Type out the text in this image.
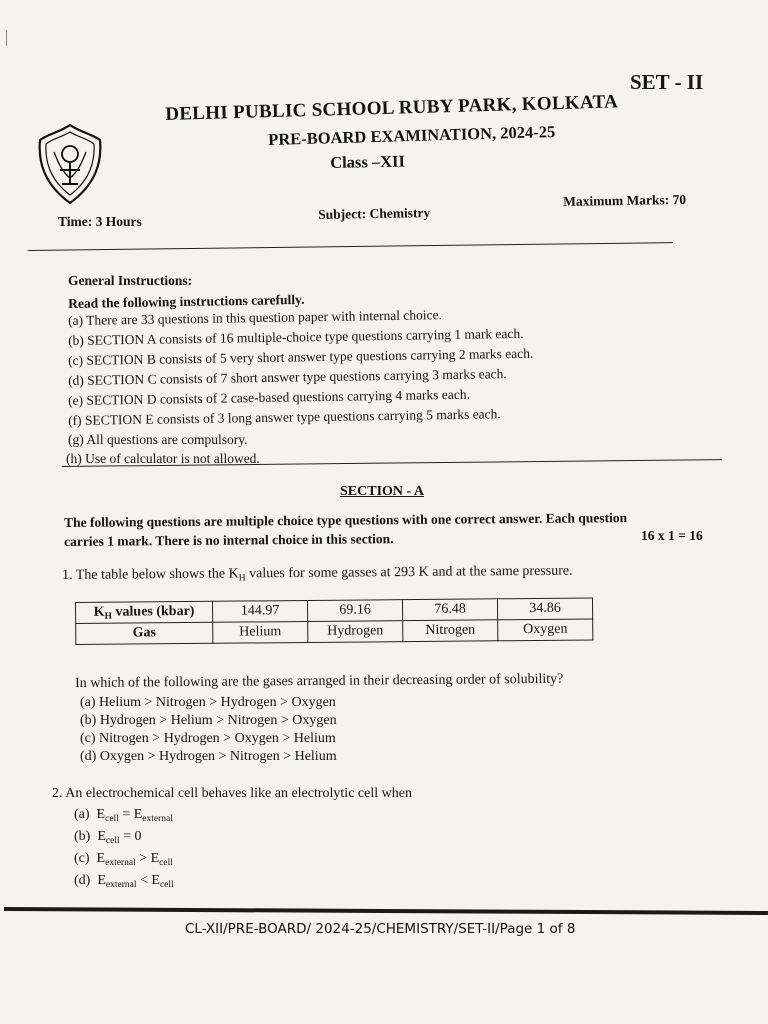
SET - II
DELHI PUBLIC SCHOOL RUBY PARK, KOLKATA
PRE-BOARD EXAMINATION, 2024-25
Class –XII
Time: 3 Hours	Subject: Chemistry
Maximum Marks: 70
General Instructions:
Read the following instructions carefully.
(a) There are 33 questions in this question paper with internal choice.
(b) SECTION A consists of 16 multiple-choice type questions carrying 1 mark each.
(c) SECTION B consists of 5 very short answer type questions carrying 2 marks each.
(d) SECTION C consists of 7 short answer type questions carrying 3 marks each.
(e) SECTION D consists of 2 case-based questions carrying 4 marks each.
(f) SECTION E consists of 3 long answer type questions carrying 5 marks each.
(g) All questions are compulsory.
(h) Use of calculator is not allowed.
SECTION - A
The following questions are multiple choice type questions with one correct answer. Each question
carries 1 mark. There is no internal choice in this section.	16 x 1 = 16
1. The table below shows the $K_H$ values for some gasses at 293 K and at the same pressure.
$K_H$ values (kbar)	144.97	69.16	76.48	34.86
Gas	Helium	Hydrogen	Nitrogen	Oxygen
In which of the following are the gases arranged in their decreasing order of solubility?
(a) Helium > Nitrogen > Hydrogen > Oxygen
(b) Hydrogen > Helium > Nitrogen > Oxygen
(c) Nitrogen > Hydrogen > Oxygen > Helium
(d) Oxygen > Hydrogen > Nitrogen > Helium
2. An electrochemical cell behaves like an electrolytic cell when
(a) $E_{cell} = E_{external}$
(b) $E_{cell} = 0$
(c) $E_{external} > E_{cell}$
(d) $E_{external} < E_{cell}$
CL-XII/PRE-BOARD/ 2024-25/CHEMISTRY/SET-II/Page 1 of 8
